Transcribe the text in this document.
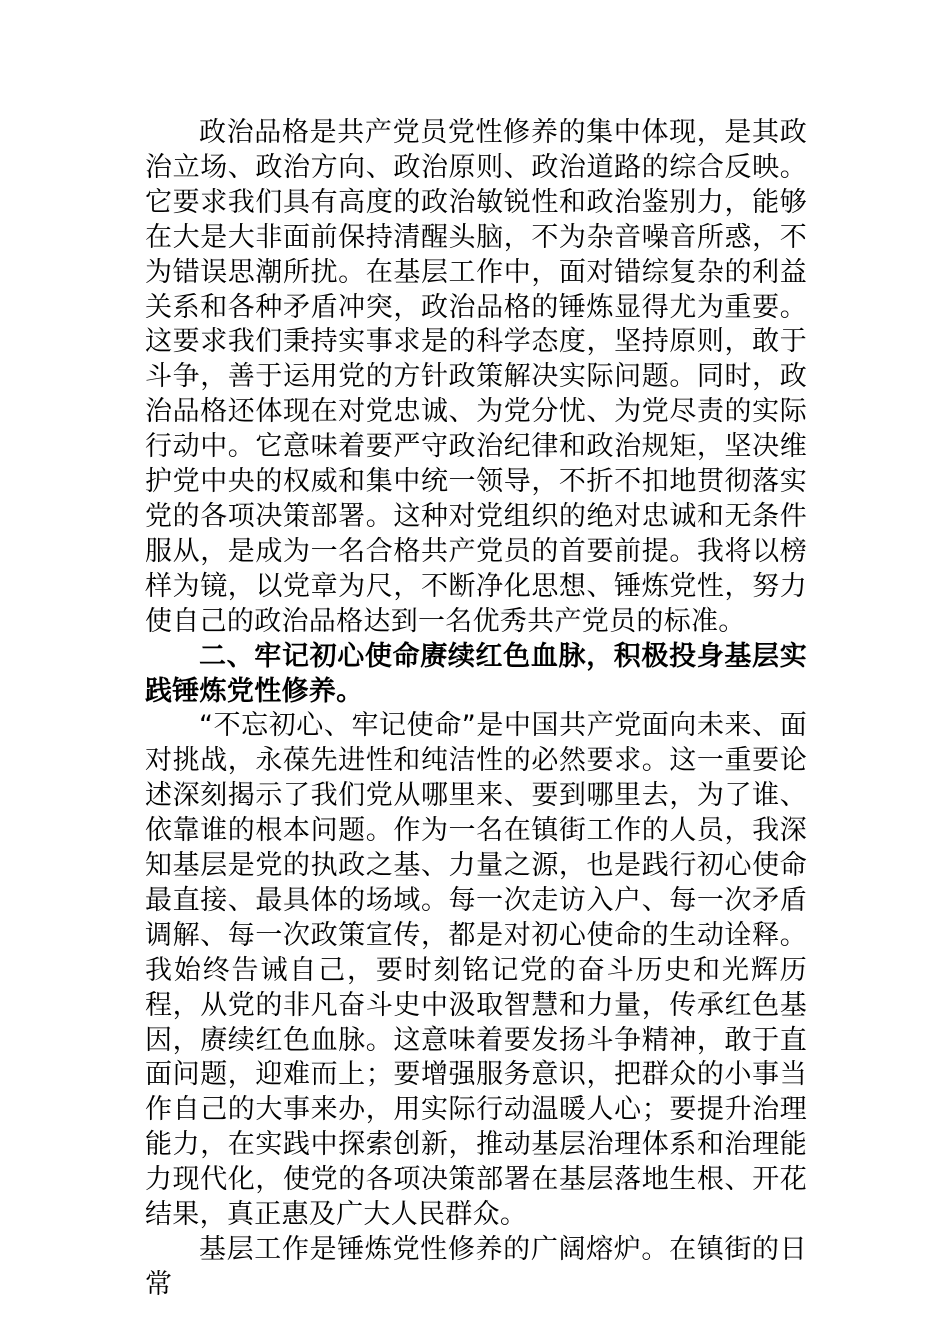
政治品格是共产党员党性修养的集中体现，是其政治立场、政治方向、政治原则、政治道路的综合反映。它要求我们具有高度的政治敏锐性和政治鉴别力，能够在大是大非面前保持清醒头脑，不为杂音噪音所惑，不为错误思潮所扰。在基层工作中，面对错综复杂的利益关系和各种矛盾冲突，政治品格的锤炼显得尤为重要。这要求我们秉持实事求是的科学态度，坚持原则，敢于斗争，善于运用党的方针政策解决实际问题。同时，政治品格还体现在对党忠诚、为党分忧、为党尽责的实际行动中。它意味着要严守政治纪律和政治规矩，坚决维护党中央的权威和集中统一领导，不折不扣地贯彻落实党的各项决策部署。这种对党组织的绝对忠诚和无条件服从，是成为一名合格共产党员的首要前提。我将以榜样为镜，以党章为尺，不断净化思想、锤炼党性，努力使自己的政治品格达到一名优秀共产党员的标准。

二、牢记初心使命赓续红色血脉，积极投身基层实践锤炼党性修养。

“不忘初心、牢记使命”是中国共产党面向未来、面对挑战，永葆先进性和纯洁性的必然要求。这一重要论述深刻揭示了我们党从哪里来、要到哪里去，为了谁、依靠谁的根本问题。作为一名在镇街工作的人员，我深知基层是党的执政之基、力量之源，也是践行初心使命最直接、最具体的场域。每一次走访入户、每一次矛盾调解、每一次政策宣传，都是对初心使命的生动诠释。我始终告诫自己，要时刻铭记党的奋斗历史和光辉历程，从党的非凡奋斗史中汲取智慧和力量，传承红色基因，赓续红色血脉。这意味着要发扬斗争精神，敢于直面问题，迎难而上；要增强服务意识，把群众的小事当作自己的大事来办，用实际行动温暖人心；要提升治理能力，在实践中探索创新，推动基层治理体系和治理能力现代化，使党的各项决策部署在基层落地生根、开花结果，真正惠及广大人民群众。

基层工作是锤炼党性修养的广阔熔炉。在镇街的日常
